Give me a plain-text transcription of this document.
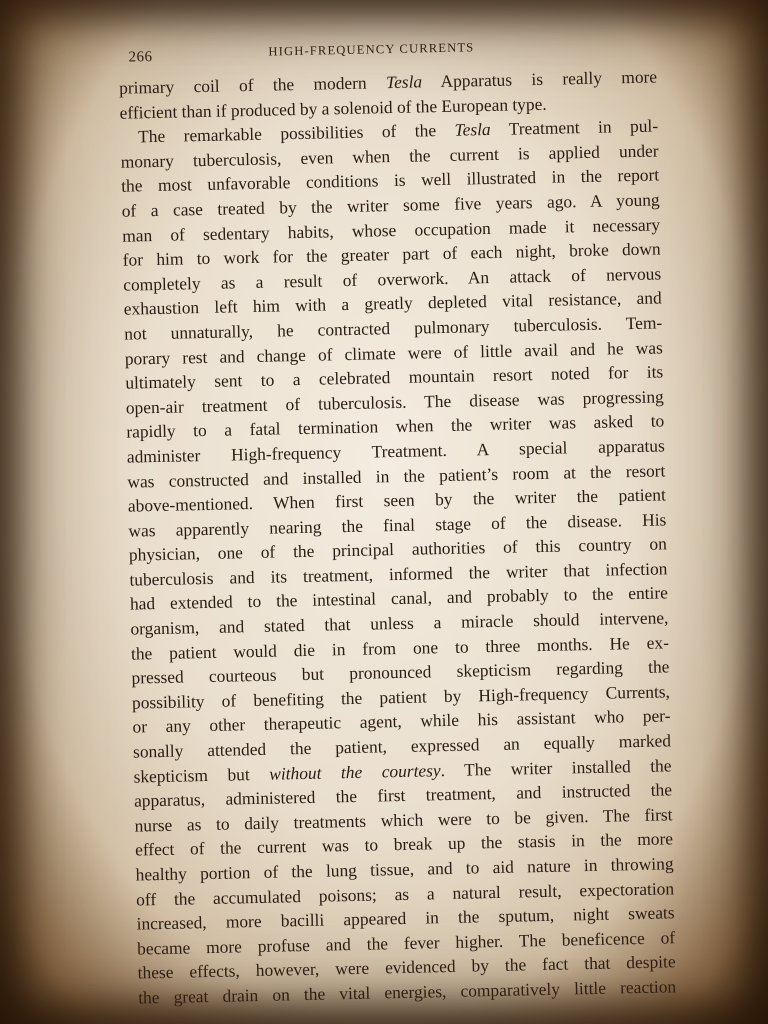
266	HIGH-FREQUENCY CURRENTS
primary coil of the modern Tesla Apparatus is really more
efficient than if produced by a solenoid of the European type.
The remarkable possibilities of the Tesla Treatment in pul-
monary tuberculosis, even when the current is applied under
the most unfavorable conditions is well illustrated in the report
of a case treated by the writer some five years ago. A young
man of sedentary habits, whose occupation made it necessary
for him to work for the greater part of each night, broke down
completely as a result of overwork. An attack of nervous
exhaustion left him with a greatly depleted vital resistance, and
not unnaturally, he contracted pulmonary tuberculosis. Tem-
porary rest and change of climate were of little avail and he was
ultimately sent to a celebrated mountain resort noted for its
open-air treatment of tuberculosis. The disease was progressing
rapidly to a fatal termination when the writer was asked to
administer High-frequency Treatment. A special apparatus
was constructed and installed in the patient’s room at the resort
above-mentioned. When first seen by the writer the patient
was apparently nearing the final stage of the disease. His
physician, one of the principal authorities of this country on
tuberculosis and its treatment, informed the writer that infection
had extended to the intestinal canal, and probably to the entire
organism, and stated that unless a miracle should intervene,
the patient would die in from one to three months. He ex-
pressed courteous but pronounced skepticism regarding the
possibility of benefiting the patient by High-frequency Currents,
or any other therapeutic agent, while his assistant who per-
sonally attended the patient, expressed an equally marked
skepticism but without the courtesy. The writer installed the
apparatus, administered the first treatment, and instructed the
nurse as to daily treatments which were to be given. The first
effect of the current was to break up the stasis in the more
healthy portion of the lung tissue, and to aid nature in throwing
off the accumulated poisons; as a natural result, expectoration
increased, more bacilli appeared in the sputum, night sweats
became more profuse and the fever higher. The beneficence of
these effects, however, were evidenced by the fact that despite
the great drain on the vital energies, comparatively little reaction
